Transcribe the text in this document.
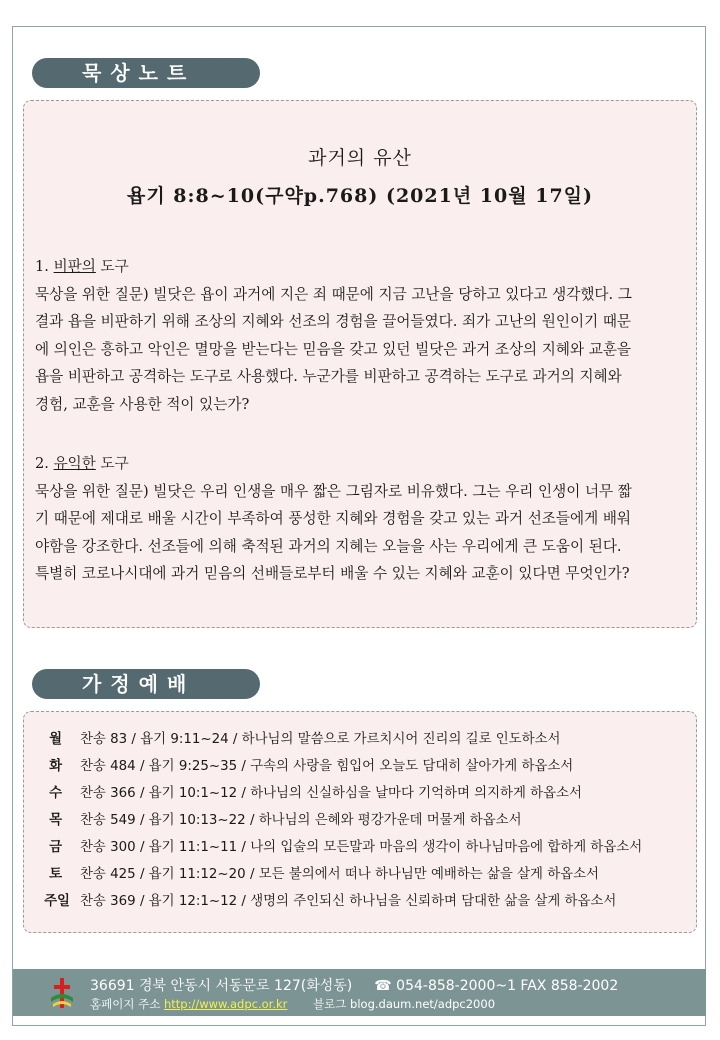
묵상노트
과거의 유산
욥기 8:8~10(구약p.768) (2021년 10월 17일)
1. 비판의 도구
묵상을 위한 질문) 빌닷은 욥이 과거에 지은 죄 때문에 지금 고난을 당하고 있다고 생각했다. 그
결과 욥을 비판하기 위해 조상의 지혜와 선조의 경험을 끌어들였다. 죄가 고난의 원인이기 때문
에 의인은 흥하고 악인은 멸망을 받는다는 믿음을 갖고 있던 빌닷은 과거 조상의 지혜와 교훈을
욥을 비판하고 공격하는 도구로 사용했다. 누군가를 비판하고 공격하는 도구로 과거의 지혜와
경험, 교훈을 사용한 적이 있는가?
2. 유익한 도구
묵상을 위한 질문) 빌닷은 우리 인생을 매우 짧은 그림자로 비유했다. 그는 우리 인생이 너무 짧
기 때문에 제대로 배울 시간이 부족하여 풍성한 지혜와 경험을 갖고 있는 과거 선조들에게 배워
야함을 강조한다. 선조들에 의해 축적된 과거의 지혜는 오늘을 사는 우리에게 큰 도움이 된다.
특별히 코로나시대에 과거 믿음의 선배들로부터 배울 수 있는 지혜와 교훈이 있다면 무엇인가?
가정예배
월 찬송 83 / 욥기 9:11~24 / 하나님의 말씀으로 가르치시어 진리의 길로 인도하소서
화 찬송 484 / 욥기 9:25~35 / 구속의 사랑을 힘입어 오늘도 담대히 살아가게 하옵소서
수 찬송 366 / 욥기 10:1~12 / 하나님의 신실하심을 날마다 기억하며 의지하게 하옵소서
목 찬송 549 / 욥기 10:13~22 / 하나님의 은혜와 평강가운데 머물게 하옵소서
금 찬송 300 / 욥기 11:1~11 / 나의 입술의 모든말과 마음의 생각이 하나님마음에 합하게 하옵소서
토 찬송 425 / 욥기 11:12~20 / 모든 불의에서 떠나 하나님만 예배하는 삶을 살게 하옵소서
주일 찬송 369 / 욥기 12:1~12 / 생명의 주인되신 하나님을 신뢰하며 담대한 삶을 살게 하옵소서
36691 경북 안동시 서동문로 127(화성동) ☎ 054-858-2000~1 FAX 858-2002
홈페이지 주소 http://www.adpc.or.kr 블로그 blog.daum.net/adpc2000
